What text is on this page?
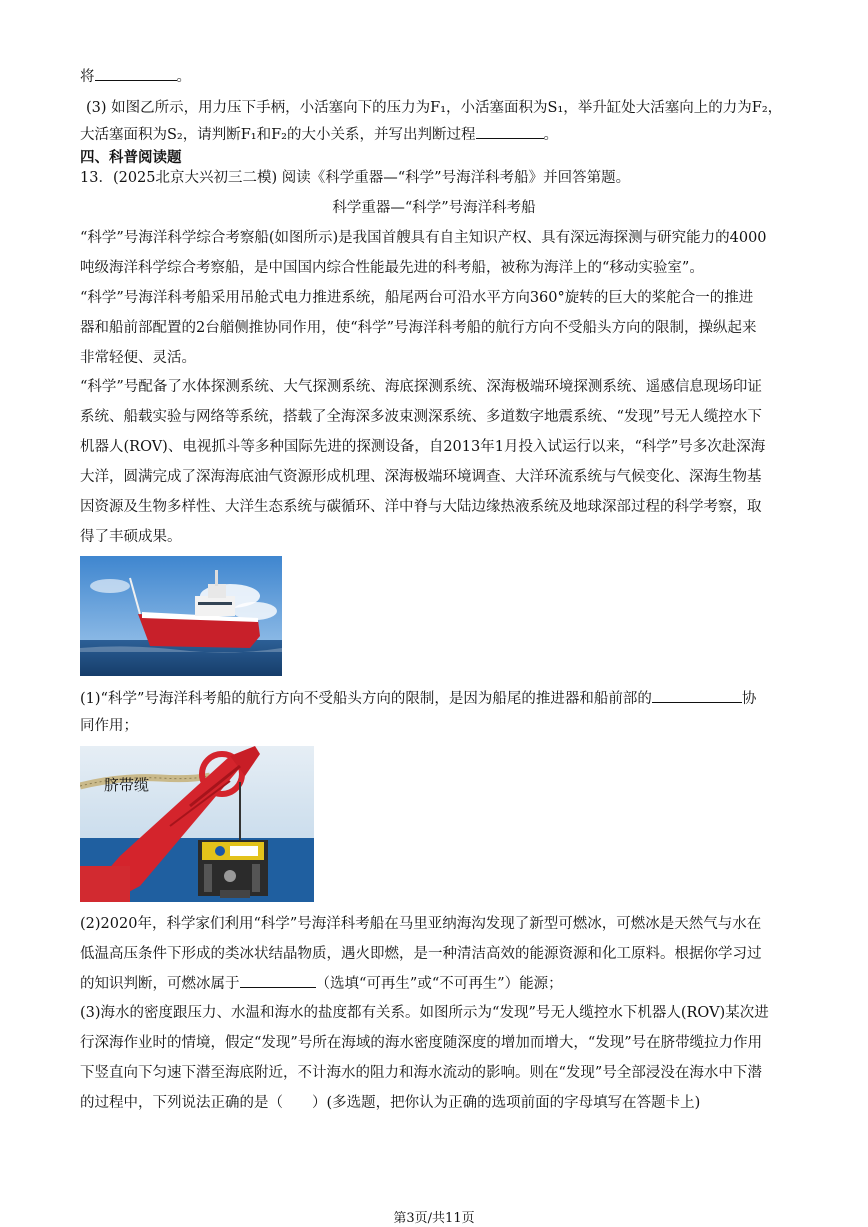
将	。
(3) 如图乙所示，用力压下手柄，小活塞向下的压力为F₁，小活塞面积为S₁，举升缸处大活塞向上的力为F₂，
大活塞面积为S₂，请判断F₁和F₂的大小关系，并写出判断过程	。
四、科普阅读题
13．(2025北京大兴初三二模) 阅读《科学重器—“科学”号海洋科考船》并回答第题。
科学重器—“科学”号海洋科考船
“科学”号海洋科学综合考察船(如图所示)是我国首艘具有自主知识产权、具有深远海探测与研究能力的4000
吨级海洋科学综合考察船，是中国国内综合性能最先进的科考船，被称为海洋上的“移动实验室”。
“科学”号海洋科考船采用吊舱式电力推进系统，船尾两台可沿水平方向360°旋转的巨大的桨舵合一的推进
器和船前部配置的2台艏侧推协同作用，使“科学”号海洋科考船的航行方向不受船头方向的限制，操纵起来
非常轻便、灵活。
“科学”号配备了水体探测系统、大气探测系统、海底探测系统、深海极端环境探测系统、遥感信息现场印证
系统、船载实验与网络等系统，搭载了全海深多波束测深系统、多道数字地震系统、“发现”号无人缆控水下
机器人(ROV)、电视抓斗等多种国际先进的探测设备，自2013年1月投入试运行以来，“科学”号多次赴深海
大洋，圆满完成了深海海底油气资源形成机理、深海极端环境调查、大洋环流系统与气候变化、深海生物基
因资源及生物多样性、大洋生态系统与碳循环、洋中脊与大陆边缘热液系统及地球深部过程的科学考察，取
得了丰硕成果。
(1)“科学”号海洋科考船的航行方向不受船头方向的限制，是因为船尾的推进器和船前部的	协
同作用；
脐带缆
(2)2020年，科学家们利用“科学”号海洋科考船在马里亚纳海沟发现了新型可燃冰，可燃冰是天然气与水在
低温高压条件下形成的类冰状结晶物质，遇火即燃，是一种清洁高效的能源资源和化工原料。根据你学习过
的知识判断，可燃冰属于	（选填“可再生”或“不可再生”）能源；
(3)海水的密度跟压力、水温和海水的盐度都有关系。如图所示为“发现”号无人缆控水下机器人(ROV)某次进
行深海作业时的情境，假定“发现”号所在海域的海水密度随深度的增加而增大，“发现”号在脐带缆拉力作用
下竖直向下匀速下潜至海底附近，不计海水的阻力和海水流动的影响。则在“发现”号全部浸没在海水中下潜
的过程中，下列说法正确的是（　　）(多选题，把你认为正确的选项前面的字母填写在答题卡上)
第3页/共11页
